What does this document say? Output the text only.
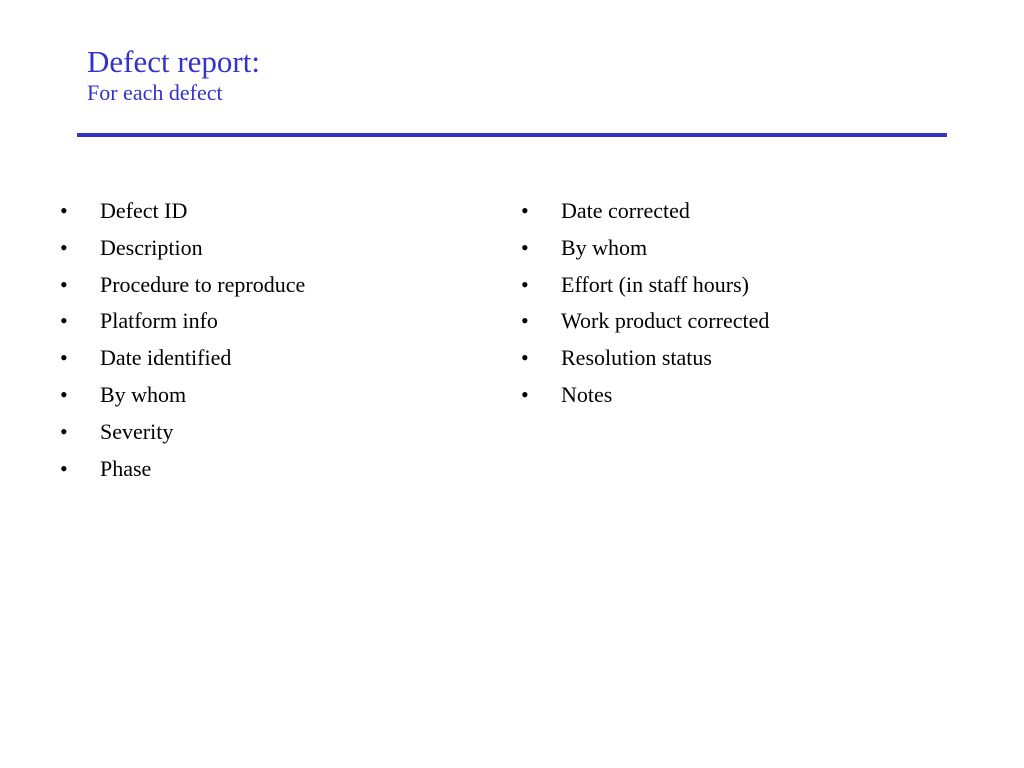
Defect report:
For each defect
• Defect ID
• Description
• Procedure to reproduce
• Platform info
• Date identified
• By whom
• Severity
• Phase
• Date corrected
• By whom
• Effort (in staff hours)
• Work product corrected
• Resolution status
• Notes
